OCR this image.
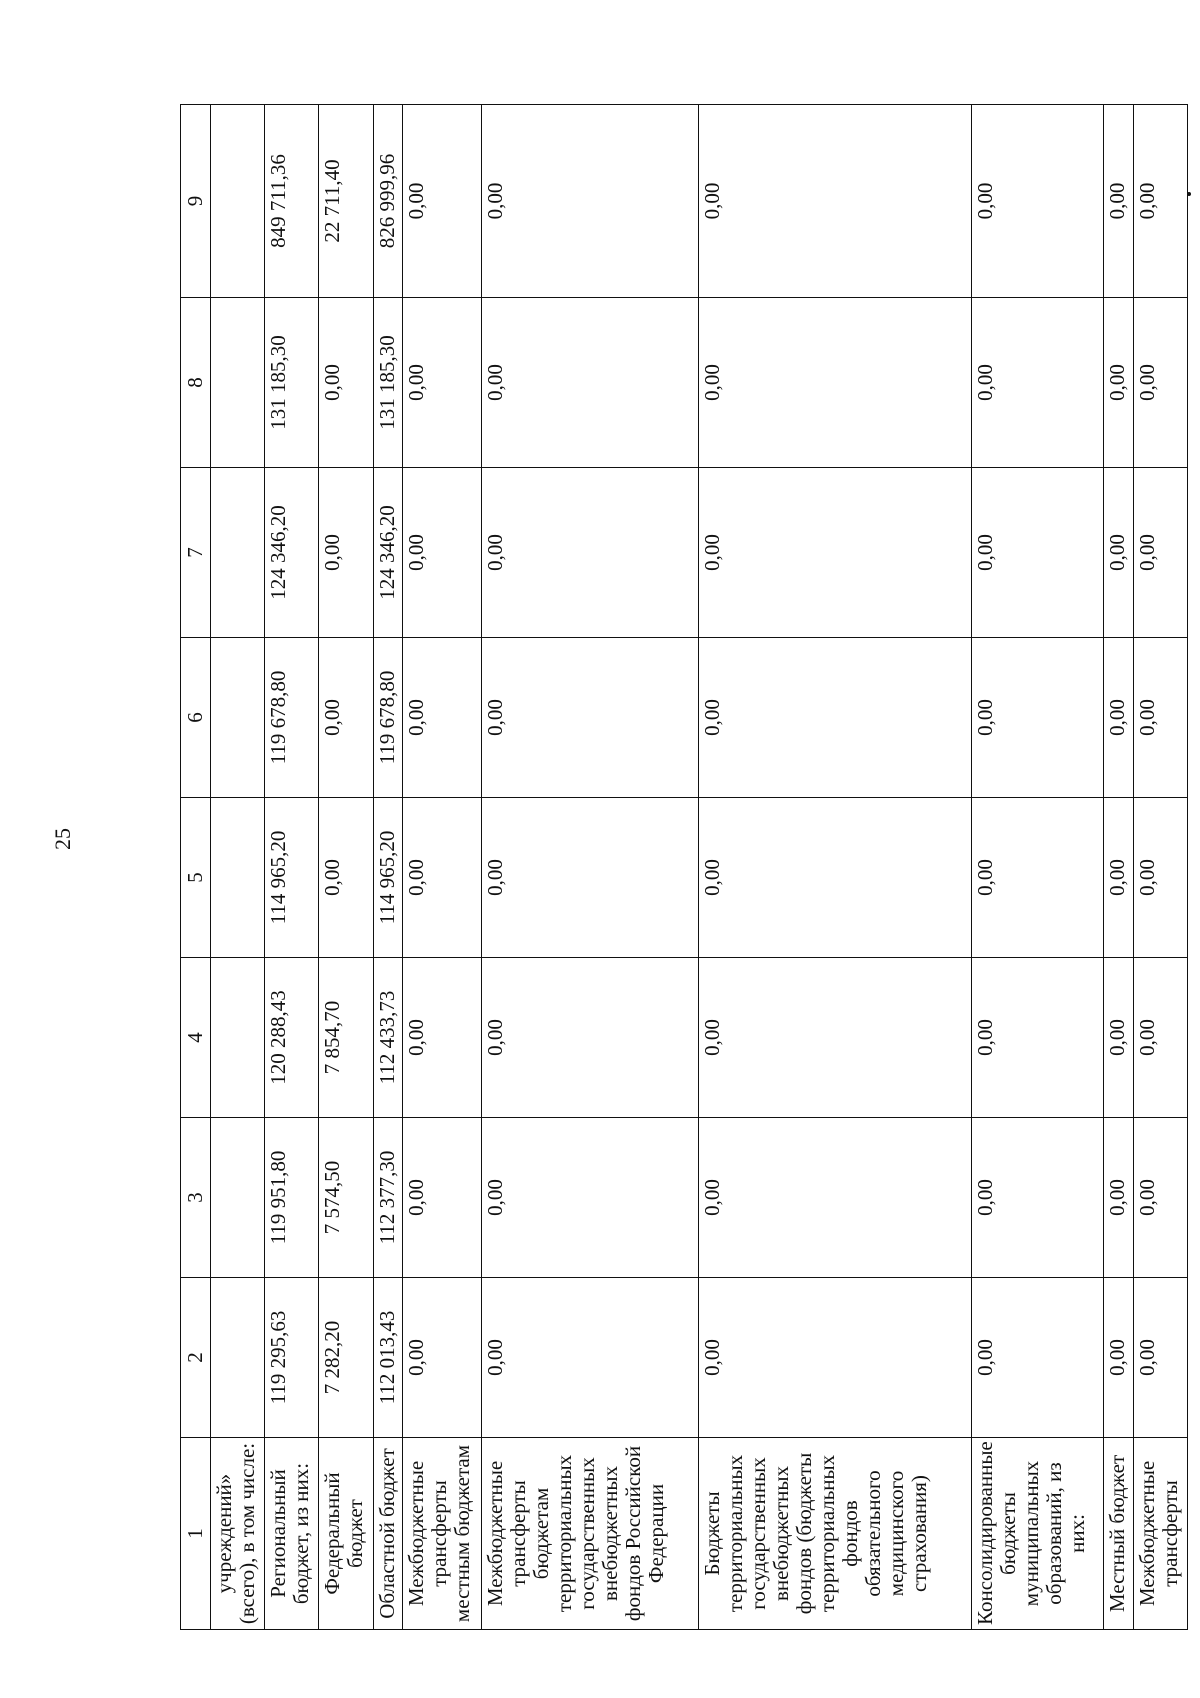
25
1	2	3	4	5	6	7	8	9
учреждений» (всего), в том числе:								
Региональный бюджет, из них:	119 295,63	119 951,80	120 288,43	114 965,20	119 678,80	124 346,20	131 185,30	849 711,36
Федеральный бюджет	7 282,20	7 574,50	7 854,70	0,00	0,00	0,00	0,00	22 711,40
Областной бюджет	112 013,43	112 377,30	112 433,73	114 965,20	119 678,80	124 346,20	131 185,30	826 999,96
Межбюджетные трансферты местным бюджетам	0,00	0,00	0,00	0,00	0,00	0,00	0,00	0,00
Межбюджетные трансферты бюджетам территориальных государственных внебюджетных фондов Российской Федерации	0,00	0,00	0,00	0,00	0,00	0,00	0,00	0,00
Бюджеты территориальных государственных внебюджетных фондов (бюджеты территориальных фондов обязательного медицинского страхования)	0,00	0,00	0,00	0,00	0,00	0,00	0,00	0,00
Консолидированные бюджеты муниципальных образований, из них:	0,00	0,00	0,00	0,00	0,00	0,00	0,00	0,00
Местный бюджет	0,00	0,00	0,00	0,00	0,00	0,00	0,00	0,00
Межбюджетные трансферты	0,00	0,00	0,00	0,00	0,00	0,00	0,00	0,00
